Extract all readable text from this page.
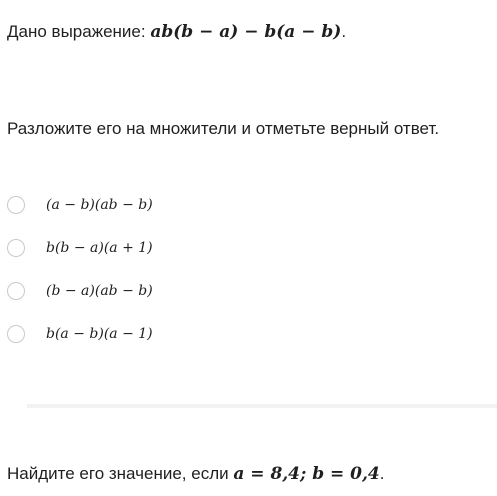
Дано выражение: ab(b − a) − b(a − b).
Разложите его на множители и отметьте верный ответ.
(a − b)(ab − b)
b(b − a)(a + 1)
(b − a)(ab − b)
b(a − b)(a − 1)
Найдите его значение, если a = 8,4; b = 0,4.
